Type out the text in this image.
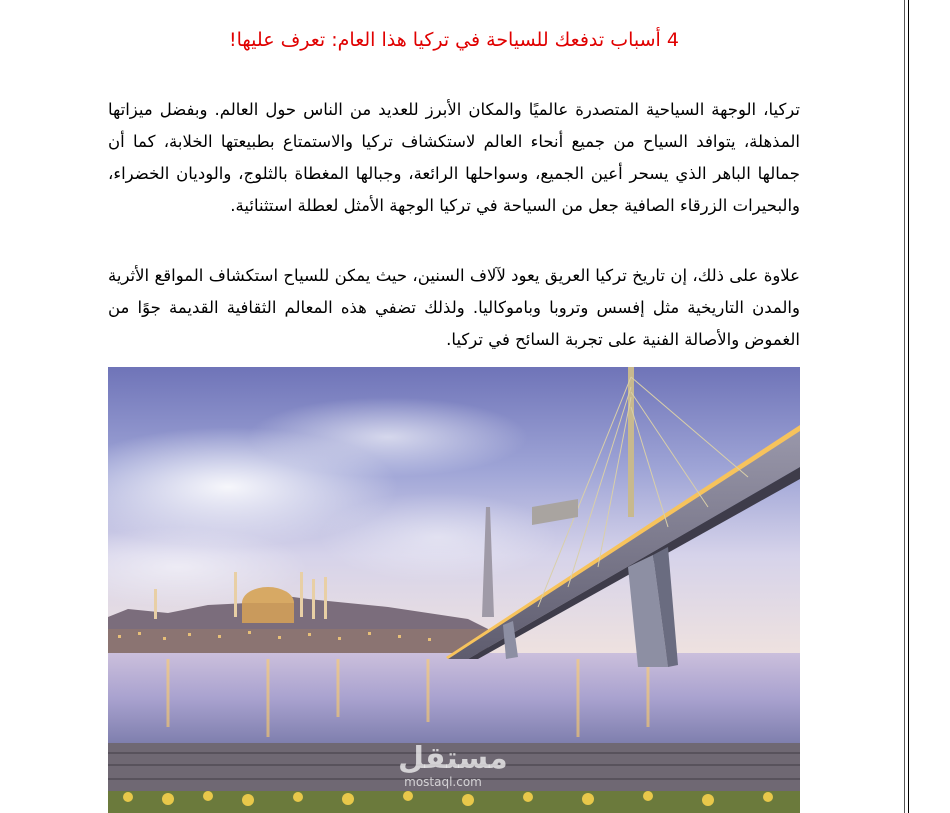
4 أسباب تدفعك للسياحة في تركيا هذا العام: تعرف عليها!
تركيا، الوجهة السياحية المتصدرة عالميًا والمكان الأبرز للعديد من الناس حول العالم. وبفضل ميزاتها المذهلة، يتوافد السياح من جميع أنحاء العالم لاستكشاف تركيا والاستمتاع بطبيعتها الخلابة، كما أن جمالها الباهر الذي يسحر أعين الجميع، وسواحلها الرائعة، وجبالها المغطاة بالثلوج، والوديان الخضراء، والبحيرات الزرقاء الصافية جعل من السياحة في تركيا الوجهة الأمثل لعطلة استثنائية.
علاوة على ذلك، إن تاريخ تركيا العريق يعود لآلاف السنين، حيث يمكن للسياح استكشاف المواقع الأثرية والمدن التاريخية مثل إفسس وتروبا وباموكاليا. ولذلك تضفي هذه المعالم الثقافية القديمة جوًا من الغموض والأصالة الفنية على تجربة السائح في تركيا.
مستقل
mostaql.com
